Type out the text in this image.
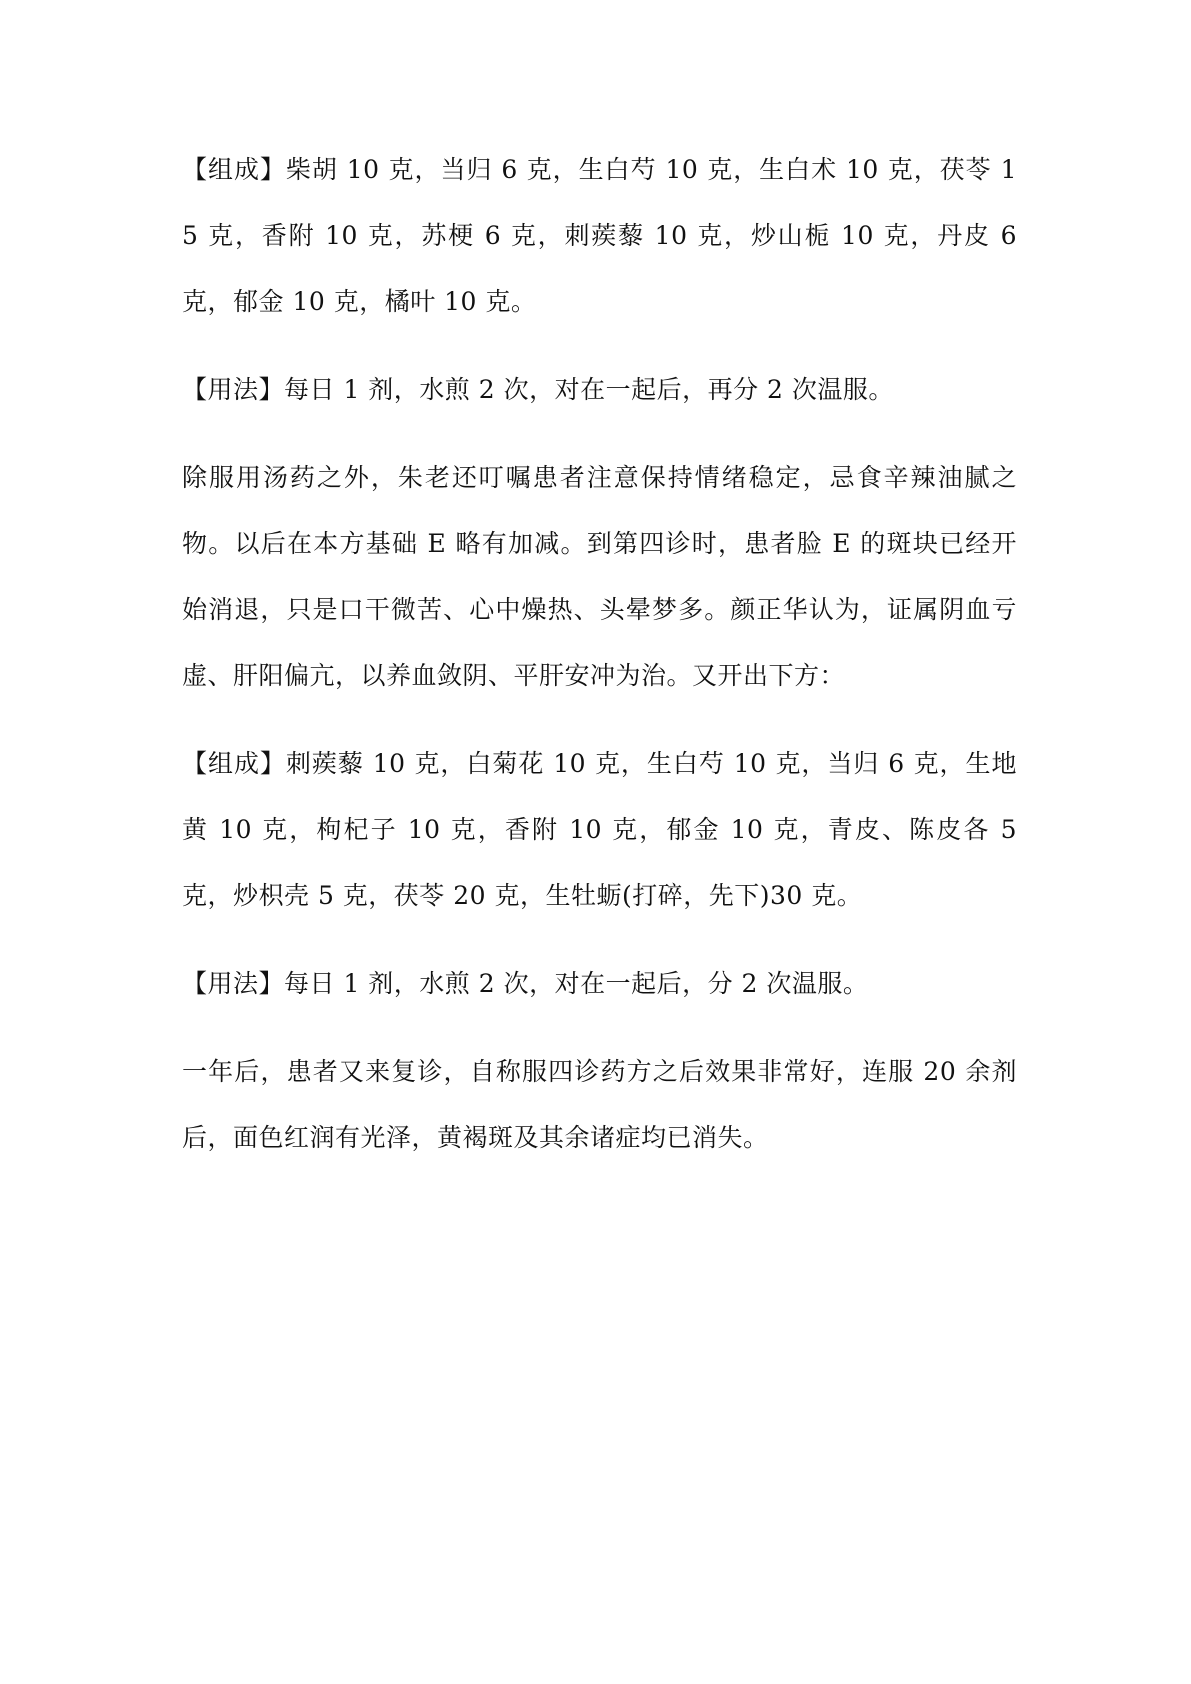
【组成】柴胡 10 克，当归 6 克，生白芍 10 克，生白术 10 克，茯苓 15 克，香附 10 克，苏梗 6 克，刺蒺藜 10 克，炒山栀 10 克，丹皮 6 克，郁金 10 克，橘叶 10 克。

【用法】每日 1 剂，水煎 2 次，对在一起后，再分 2 次温服。

除服用汤药之外，朱老还叮嘱患者注意保持情绪稳定，忌食辛辣油腻之物。以后在本方基础 E 略有加减。到第四诊时，患者脸 E 的斑块已经开始消退，只是口干微苦、心中燥热、头晕梦多。颜正华认为，证属阴血亏虚、肝阳偏亢，以养血敛阴、平肝安冲为治。又开出下方：

【组成】刺蒺藜 10 克，白菊花 10 克，生白芍 10 克，当归 6 克，生地黄 10 克，枸杞子 10 克，香附 10 克，郁金 10 克，青皮、陈皮各 5 克，炒枳壳 5 克，茯苓 20 克，生牡蛎(打碎，先下)30 克。

【用法】每日 1 剂，水煎 2 次，对在一起后，分 2 次温服。

一年后，患者又来复诊，自称服四诊药方之后效果非常好，连服 20 余剂后，面色红润有光泽，黄褐斑及其余诸症均已消失。
